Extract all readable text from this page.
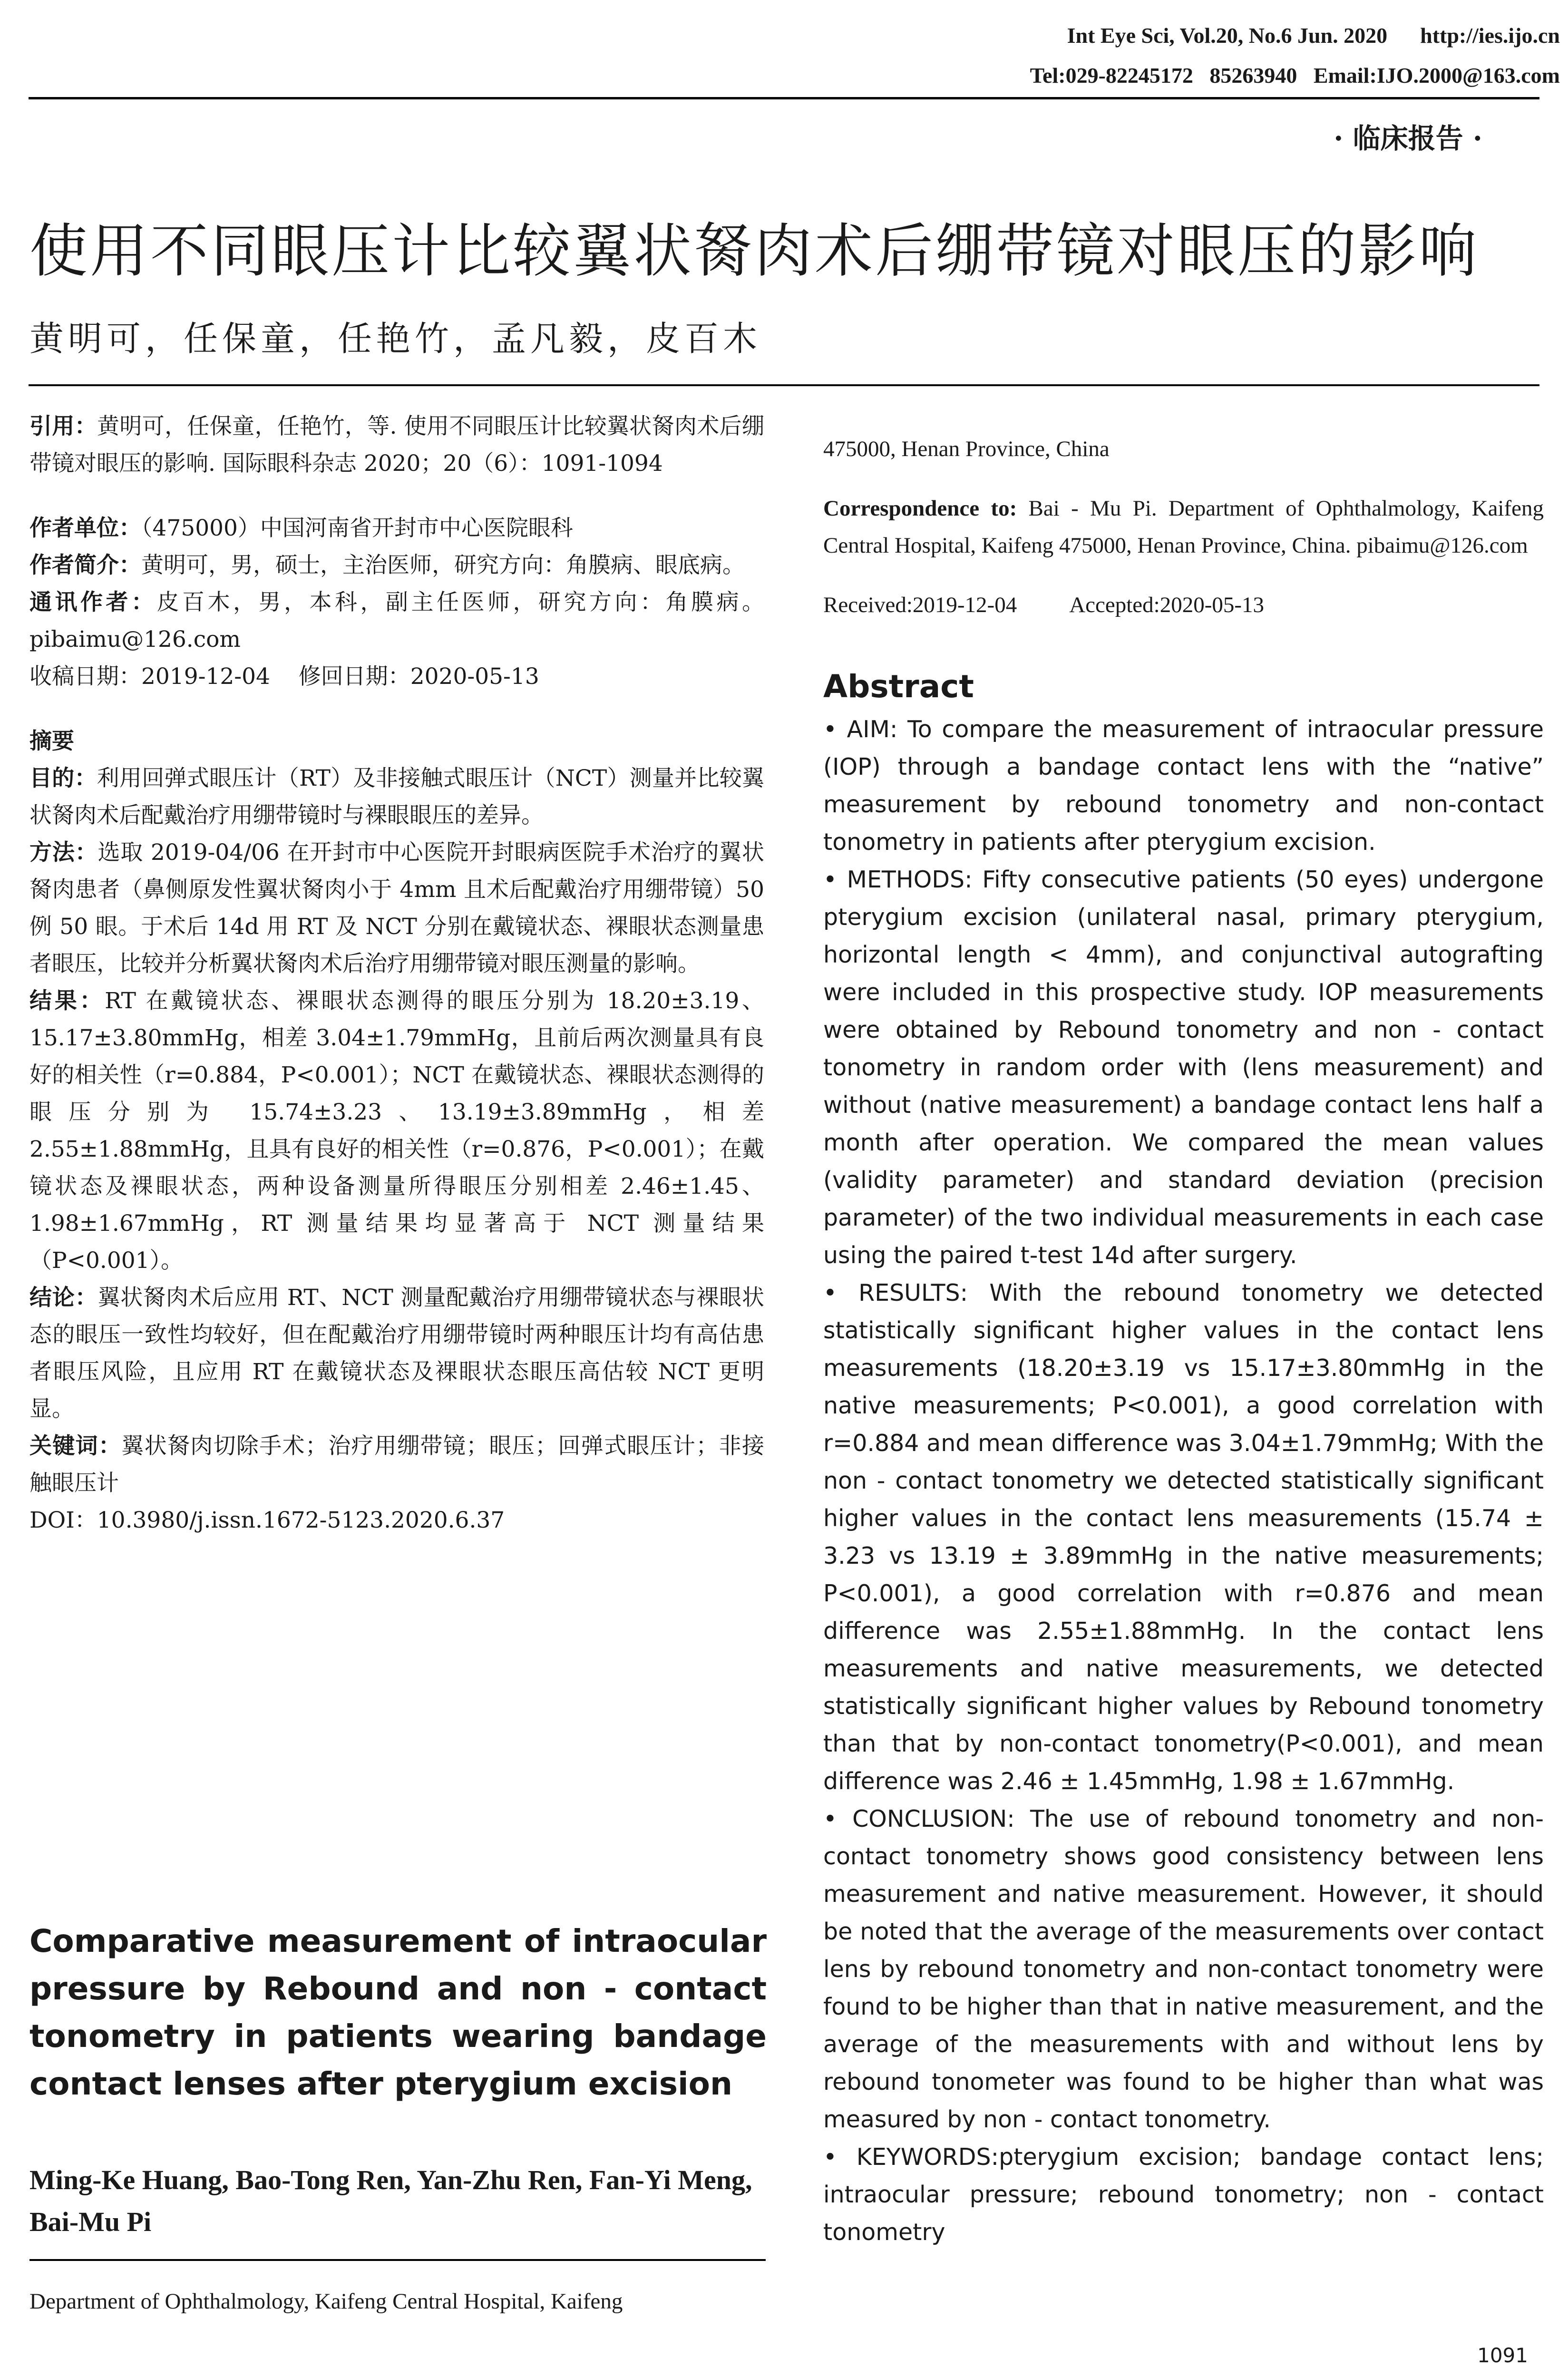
Int Eye Sci, Vol.20, No.6 Jun. 2020      http://ies.ijo.cn
Tel:029-82245172   85263940   Email:IJO.2000@163.com
· 临床报告 ·
使用不同眼压计比较翼状胬肉术后绷带镜对眼压的影响
黄明可，任保童，任艳竹，孟凡毅，皮百木

引用：黄明可，任保童，任艳竹，等. 使用不同眼压计比较翼状胬肉术后绷带镜对眼压的影响. 国际眼科杂志 2020；20（6）：1091-1094

作者单位：（475000）中国河南省开封市中心医院眼科

作者简介：黄明可，男，硕士，主治医师，研究方向：角膜病、眼底病。

通讯作者：皮百木，男，本科，副主任医师，研究方向：角膜病。pibaimu@126.com

收稿日期：2019-12-04    修回日期：2020-05-13

摘要

目的：利用回弹式眼压计（RT）及非接触式眼压计（NCT）测量并比较翼状胬肉术后配戴治疗用绷带镜时与裸眼眼压的差异。

方法：选取 2019-04/06 在开封市中心医院开封眼病医院手术治疗的翼状胬肉患者（鼻侧原发性翼状胬肉小于 4mm 且术后配戴治疗用绷带镜）50 例 50 眼。于术后 14d 用 RT 及 NCT 分别在戴镜状态、裸眼状态测量患者眼压，比较并分析翼状胬肉术后治疗用绷带镜对眼压测量的影响。

结果：RT 在戴镜状态、裸眼状态测得的眼压分别为 18.20±3.19、15.17±3.80mmHg，相差 3.04±1.79mmHg，且前后两次测量具有良好的相关性（r=0.884，P<0.001）；NCT 在戴镜状态、裸眼状态测得的眼压分别为 15.74±3.23、13.19±3.89mmHg，相差 2.55±1.88mmHg，且具有良好的相关性（r=0.876，P<0.001）；在戴镜状态及裸眼状态，两种设备测量所得眼压分别相差 2.46±1.45、1.98±1.67mmHg，RT 测量结果均显著高于 NCT 测量结果（P<0.001）。

结论：翼状胬肉术后应用 RT、NCT 测量配戴治疗用绷带镜状态与裸眼状态的眼压一致性均较好，但在配戴治疗用绷带镜时两种眼压计均有高估患者眼压风险，且应用 RT 在戴镜状态及裸眼状态眼压高估较 NCT 更明显。

关键词：翼状胬肉切除手术；治疗用绷带镜；眼压；回弹式眼压计；非接触眼压计

DOI：10.3980/j.issn.1672-5123.2020.6.37

Comparative measurement of intraocular pressure by Rebound and non - contact tonometry in patients wearing bandage contact lenses after pterygium excision
Ming-Ke Huang, Bao-Tong Ren, Yan-Zhu Ren, Fan-Yi Meng, Bai-Mu Pi
Department of Ophthalmology, Kaifeng Central Hospital, Kaifeng

475000, Henan Province, China

Correspondence to: Bai - Mu Pi. Department of Ophthalmology, Kaifeng Central Hospital, Kaifeng 475000, Henan Province, China. pibaimu@126.com

Received:2019-12-04 Accepted:2020-05-13

Abstract

• AIM: To compare the measurement of intraocular pressure (IOP) through a bandage contact lens with the “native” measurement by rebound tonometry and non-contact tonometry in patients after pterygium excision.

• METHODS: Fifty consecutive patients (50 eyes) undergone pterygium excision (unilateral nasal, primary pterygium, horizontal length < 4mm), and conjunctival autografting were included in this prospective study. IOP measurements were obtained by Rebound tonometry and non - contact tonometry in random order with (lens measurement) and without (native measurement) a bandage contact lens half a month after operation. We compared the mean values (validity parameter) and standard deviation (precision parameter) of the two individual measurements in each case using the paired t-test 14d after surgery.

• RESULTS: With the rebound tonometry we detected statistically significant higher values in the contact lens measurements (18.20±3.19 vs 15.17±3.80mmHg in the native measurements; P<0.001), a good correlation with r=0.884 and mean difference was 3.04±1.79mmHg; With the non - contact tonometry we detected statistically significant higher values in the contact lens measurements (15.74 ± 3.23 vs 13.19 ± 3.89mmHg in the native measurements; P<0.001), a good correlation with r=0.876 and mean difference was 2.55±1.88mmHg. In the contact lens measurements and native measurements, we detected statistically significant higher values by Rebound tonometry than that by non-contact tonometry(P<0.001), and mean difference was 2.46 ± 1.45mmHg, 1.98 ± 1.67mmHg.

• CONCLUSION: The use of rebound tonometry and non-contact tonometry shows good consistency between lens measurement and native measurement. However, it should be noted that the average of the measurements over contact lens by rebound tonometry and non-contact tonometry were found to be higher than that in native measurement, and the average of the measurements with and without lens by rebound tonometer was found to be higher than what was measured by non - contact tonometry.

• KEYWORDS:pterygium excision; bandage contact lens; intraocular pressure; rebound tonometry; non - contact tonometry

1091
